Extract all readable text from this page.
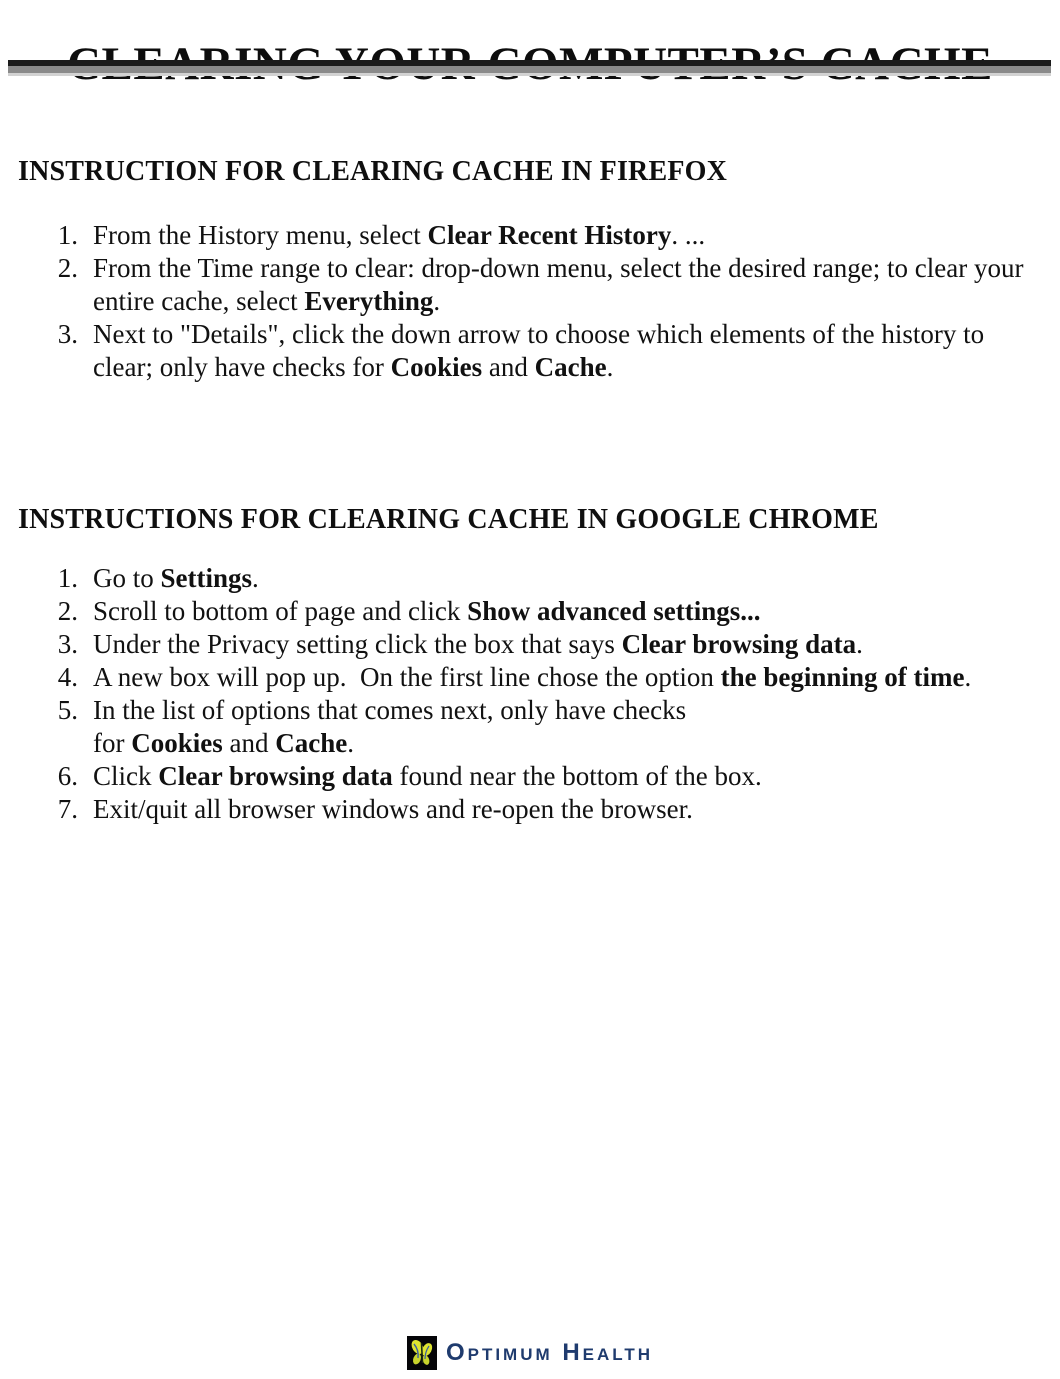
INSTRUCTION FOR CLEARING CACHE IN FIREFOX
1. From the History menu, select Clear Recent History. ...
2. From the Time range to clear: drop-down menu, select the desired range; to clear your entire cache, select Everything.
3. Next to "Details", click the down arrow to choose which elements of the history to clear; only have checks for Cookies and Cache.
INSTRUCTIONS FOR CLEARING CACHE IN GOOGLE CHROME
1. Go to Settings.
2. Scroll to bottom of page and click Show advanced settings...
3. Under the Privacy setting click the box that says Clear browsing data.
4. A new box will pop up.  On the first line chose the option the beginning of time.
5. In the list of options that comes next, only have checks
for Cookies and Cache.
6. Click Clear browsing data found near the bottom of the box.
7. Exit/quit all browser windows and re-open the browser.
Optimum Health
